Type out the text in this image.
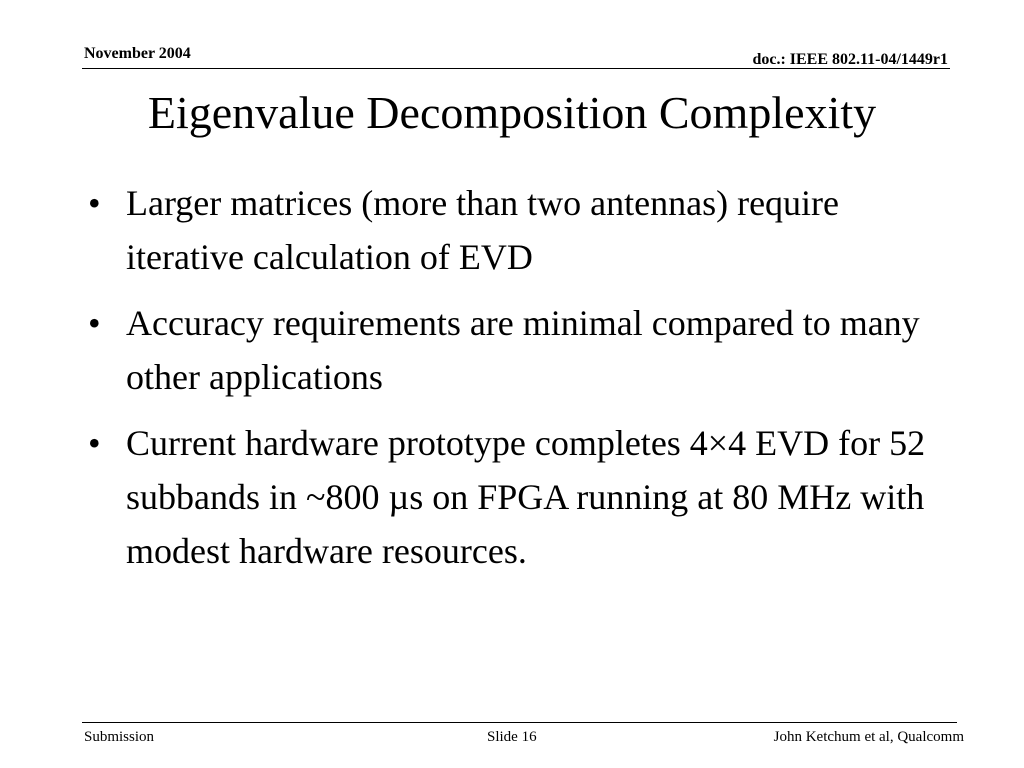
November 2004	doc.: IEEE 802.11-04/1449r1
Eigenvalue Decomposition Complexity
• Larger matrices (more than two antennas) require iterative calculation of EVD
• Accuracy requirements are minimal compared to many other applications
• Current hardware prototype completes 4×4 EVD for 52 subbands in ~800 µs on FPGA running at 80 MHz with modest hardware resources.
Submission	Slide 16	John Ketchum et al, Qualcomm
